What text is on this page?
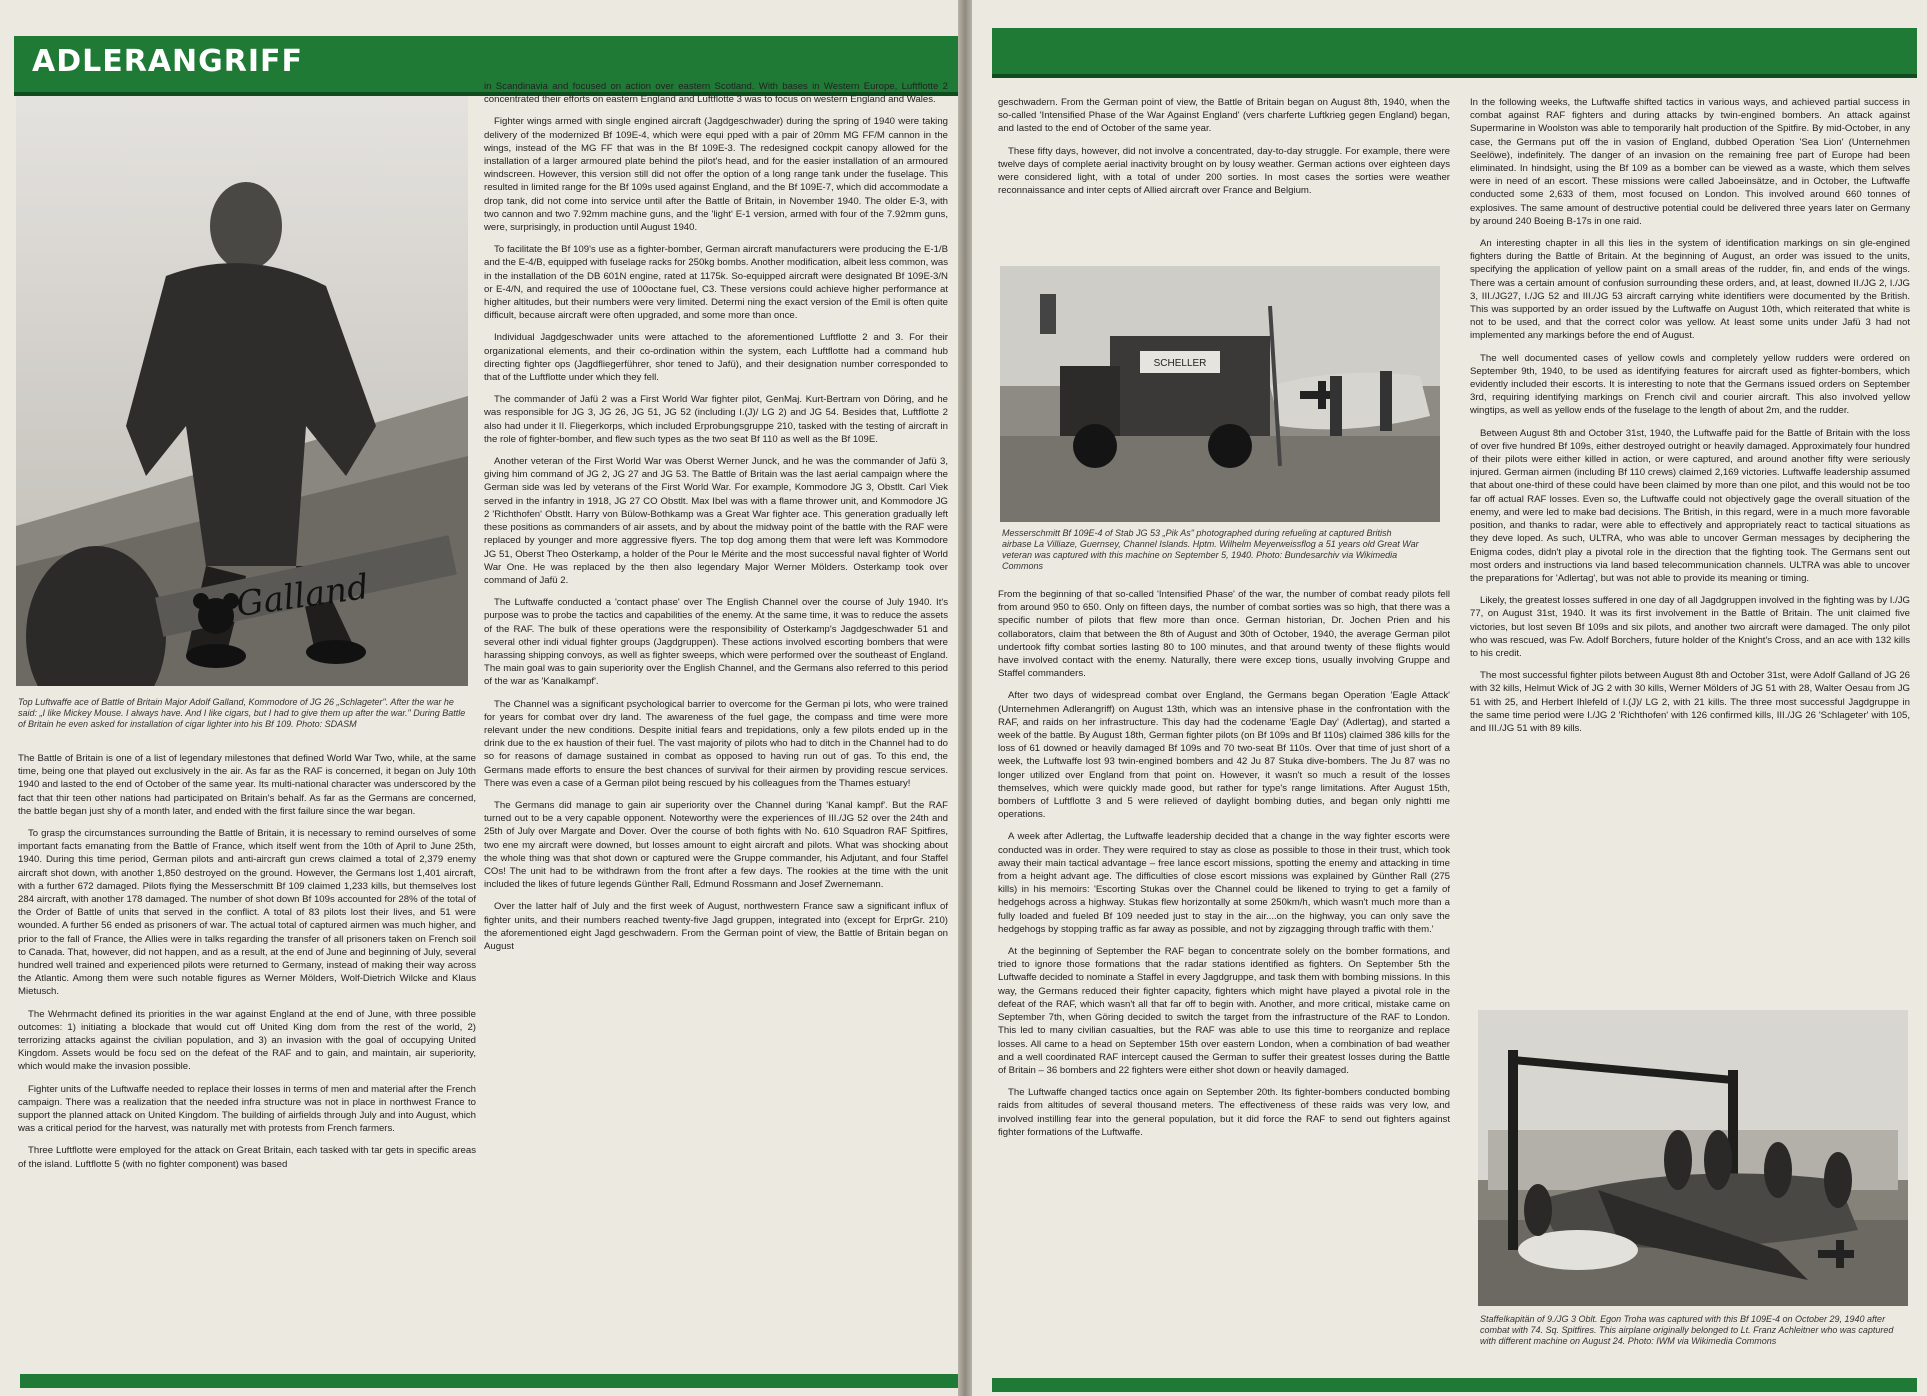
ADLERANGRIFF
Galland
Top Luftwaffe ace of Battle of Britain Major Adolf Galland, Kommodore of JG 26 „Schlageter". After the war he said: „I like Mickey Mouse. I always have. And I like cigars, but I had to give them up after the war." During Battle of Britain he even asked for installation of cigar lighter into his Bf 109. Photo: SDASM

The Battle of Britain is one of a list of legendary milestones that defined World War Two, while, at the same time, being one that played out exclusively in the air. As far as the RAF is concerned, it began on July 10th 1940 and lasted to the end of October of the same year. Its multi-national character was underscored by the fact that thir teen other nations had participated on Britain's behalf. As far as the Germans are concerned, the battle began just shy of a month later, and ended with the first failure since the war began.

To grasp the circumstances surrounding the Battle of Britain, it is necessary to remind ourselves of some important facts emanating from the Battle of France, which itself went from the 10th of April to June 25th, 1940. During this time period, German pilots and anti-aircraft gun crews claimed a total of 2,379 enemy aircraft shot down, with another 1,850 destroyed on the ground. However, the Germans lost 1,401 aircraft, with a further 672 damaged. Pilots flying the Messerschmitt Bf 109 claimed 1,233 kills, but themselves lost 284 aircraft, with another 178 damaged. The number of shot down Bf 109s accounted for 28% of the total of the Order of Battle of units that served in the conflict. A total of 83 pilots lost their lives, and 51 were wounded. A further 56 ended as prisoners of war. The actual total of captured airmen was much higher, and prior to the fall of France, the Allies were in talks regarding the transfer of all prisoners taken on French soil to Canada. That, however, did not happen, and as a result, at the end of June and beginning of July, several hundred well trained and experienced pilots were returned to Germany, instead of making their way across the Atlantic. Among them were such notable figures as Werner Mölders, Wolf-Dietrich Wilcke and Klaus Mietusch.

The Wehrmacht defined its priorities in the war against England at the end of June, with three possible outcomes: 1) initiating a blockade that would cut off United King dom from the rest of the world, 2) terrorizing attacks against the civilian population, and 3) an invasion with the goal of occupying United Kingdom. Assets would be focu sed on the defeat of the RAF and to gain, and maintain, air superiority, which would make the invasion possible.

Fighter units of the Luftwaffe needed to replace their losses in terms of men and material after the French campaign. There was a realization that the needed infra structure was not in place in northwest France to support the planned attack on United Kingdom. The building of airfields through July and into August, which was a critical period for the harvest, was naturally met with protests from French farmers.

Three Luftflotte were employed for the attack on Great Britain, each tasked with tar gets in specific areas of the island. Luftflotte 5 (with no fighter component) was based

in Scandinavia and focused on action over eastern Scotland. With bases in Western Europe, Luftflotte 2 concentrated their efforts on eastern England and Luftflotte 3 was to focus on western England and Wales.

Fighter wings armed with single engined aircraft (Jagdgeschwader) during the spring of 1940 were taking delivery of the modernized Bf 109E-4, which were equi pped with a pair of 20mm MG FF/M cannon in the wings, instead of the MG FF that was in the Bf 109E-3. The redesigned cockpit canopy allowed for the installation of a larger armoured plate behind the pilot's head, and for the easier installation of an armoured windscreen. However, this version still did not offer the option of a long range tank under the fuselage. This resulted in limited range for the Bf 109s used against England, and the Bf 109E-7, which did accommodate a drop tank, did not come into service until after the Battle of Britain, in November 1940. The older E-3, with two cannon and two 7.92mm machine guns, and the 'light' E-1 version, armed with four of the 7.92mm guns, were, surprisingly, in production until August 1940.

To facilitate the Bf 109's use as a fighter-bomber, German aircraft manufacturers were producing the E-1/B and the E-4/B, equipped with fuselage racks for 250kg bombs. Another modification, albeit less common, was in the installation of the DB 601N engine, rated at 1175k. So-equipped aircraft were designated Bf 109E-3/N or E-4/N, and required the use of 100octane fuel, C3. These versions could achieve higher performance at higher altitudes, but their numbers were very limited. Determi ning the exact version of the Emil is often quite difficult, because aircraft were often upgraded, and some more than once.

Individual Jagdgeschwader units were attached to the aforementioned Luftflotte 2 and 3. For their organizational elements, and their co-ordination within the system, each Luftflotte had a command hub directing fighter ops (Jagdfliegerführer, shor tened to Jafü), and their designation number corresponded to that of the Luftflotte under which they fell.

The commander of Jafü 2 was a First World War fighter pilot, GenMaj. Kurt-Bertram von Döring, and he was responsible for JG 3, JG 26, JG 51, JG 52 (including I.(J)/ LG 2) and JG 54. Besides that, Luftflotte 2 also had under it II. Fliegerkorps, which included Erprobungsgruppe 210, tasked with the testing of aircraft in the role of fighter-bomber, and flew such types as the two seat Bf 110 as well as the Bf 109E.

Another veteran of the First World War was Oberst Werner Junck, and he was the commander of Jafü 3, giving him command of JG 2, JG 27 and JG 53. The Battle of Britain was the last aerial campaign where the German side was led by veterans of the First World War. For example, Kommodore JG 3, Obstlt. Carl Viek served in the infantry in 1918, JG 27 CO Obstlt. Max Ibel was with a flame thrower unit, and Kommodore JG 2 'Richthofen' Obstlt. Harry von Bülow-Bothkamp was a Great War fighter ace. This generation gradually left these positions as commanders of air assets, and by about the midway point of the battle with the RAF were replaced by younger and more aggressive flyers. The top dog among them that were left was Kommodore JG 51, Oberst Theo Osterkamp, a holder of the Pour le Mérite and the most successful naval fighter of World War One. He was replaced by the then also legendary Major Werner Mölders. Osterkamp took over command of Jafü 2.

The Luftwaffe conducted a 'contact phase' over The English Channel over the course of July 1940. It's purpose was to probe the tactics and capabilities of the enemy. At the same time, it was to reduce the assets of the RAF. The bulk of these operations were the responsibility of Osterkamp's Jagdgeschwader 51 and several other indi vidual fighter groups (Jagdgruppen). These actions involved escorting bombers that were harassing shipping convoys, as well as fighter sweeps, which were performed over the southeast of England. The main goal was to gain superiority over the English Channel, and the Germans also referred to this period of the war as 'Kanalkampf'.

The Channel was a significant psychological barrier to overcome for the German pi lots, who were trained for years for combat over dry land. The awareness of the fuel gage, the compass and time were more relevant under the new conditions. Despite initial fears and trepidations, only a few pilots ended up in the drink due to the ex haustion of their fuel. The vast majority of pilots who had to ditch in the Channel had to do so for reasons of damage sustained in combat as opposed to having run out of gas. To this end, the Germans made efforts to ensure the best chances of survival for their airmen by providing rescue services. There was even a case of a German pilot being rescued by his colleagues from the Thames estuary!

The Germans did manage to gain air superiority over the Channel during 'Kanal kampf'. But the RAF turned out to be a very capable opponent. Noteworthy were the experiences of III./JG 52 over the 24th and 25th of July over Margate and Dover. Over the course of both fights with No. 610 Squadron RAF Spitfires, two ene my aircraft were downed, but losses amount to eight aircraft and pilots. What was shocking about the whole thing was that shot down or captured were the Gruppe commander, his Adjutant, and four Staffel COs! The unit had to be withdrawn from the front after a few days. The rookies at the time with the unit included the likes of future legends Günther Rall, Edmund Rossmann and Josef Zwernemann.

Over the latter half of July and the first week of August, northwestern France saw a significant influx of fighter units, and their numbers reached twenty-five Jagd gruppen, integrated into (except for ErprGr. 210) the aforementioned eight Jagd geschwadern. From the German point of view, the Battle of Britain began on August

geschwadern. From the German point of view, the Battle of Britain began on August 8th, 1940, when the so-called 'Intensified Phase of the War Against England' (vers charferte Luftkrieg gegen England) began, and lasted to the end of October of the same year.

These fifty days, however, did not involve a concentrated, day-to-day struggle. For example, there were twelve days of complete aerial inactivity brought on by lousy weather. German actions over eighteen days were considered light, with a total of under 200 sorties. In most cases the sorties were weather reconnaissance and inter cepts of Allied aircraft over France and Belgium.

SCHELLER
Messerschmitt Bf 109E-4 of Stab JG 53 „Pik As" photographed during refueling at captured British airbase La Villiaze, Guernsey, Channel Islands. Hptm. Wilhelm Meyerweissflog a 51 years old Great War veteran was captured with this machine on September 5, 1940. Photo: Bundesarchiv via Wikimedia Commons

From the beginning of that so-called 'Intensified Phase' of the war, the number of combat ready pilots fell from around 950 to 650. Only on fifteen days, the number of combat sorties was so high, that there was a specific number of pilots that flew more than once. German historian, Dr. Jochen Prien and his collaborators, claim that between the 8th of August and 30th of October, 1940, the average German pilot undertook fifty combat sorties lasting 80 to 100 minutes, and that around twenty of these flights would have involved contact with the enemy. Naturally, there were excep tions, usually involving Gruppe and Staffel commanders.

After two days of widespread combat over England, the Germans began Operation 'Eagle Attack' (Unternehmen Adlerangriff) on August 13th, which was an intensive phase in the confrontation with the RAF, and raids on her infrastructure. This day had the codename 'Eagle Day' (Adlertag), and started a week of the battle. By August 18th, German fighter pilots (on Bf 109s and Bf 110s) claimed 386 kills for the loss of 61 downed or heavily damaged Bf 109s and 70 two-seat Bf 110s. Over that time of just short of a week, the Luftwaffe lost 93 twin-engined bombers and 42 Ju 87 Stuka dive-bombers. The Ju 87 was no longer utilized over England from that point on. However, it wasn't so much a result of the losses themselves, which were quickly made good, but rather for type's range limitations. After August 15th, bombers of Luftflotte 3 and 5 were relieved of daylight bombing duties, and began only nightti me operations.

A week after Adlertag, the Luftwaffe leadership decided that a change in the way fighter escorts were conducted was in order. They were required to stay as close as possible to those in their trust, which took away their main tactical advantage – free lance escort missions, spotting the enemy and attacking in time from a height advant age. The difficulties of close escort missions was explained by Günther Rall (275 kills) in his memoirs: 'Escorting Stukas over the Channel could be likened to trying to get a family of hedgehogs across a highway. Stukas flew horizontally at some 250km/h, which wasn't much more than a fully loaded and fueled Bf 109 needed just to stay in the air....on the highway, you can only save the hedgehogs by stopping traffic as far away as possible, and not by zigzagging through traffic with them.'

At the beginning of September the RAF began to concentrate solely on the bomber formations, and tried to ignore those formations that the radar stations identified as fighters. On September 5th the Luftwaffe decided to nominate a Staffel in every Jagdgruppe, and task them with bombing missions. In this way, the Germans reduced their fighter capacity, fighters which might have played a pivotal role in the defeat of the RAF, which wasn't all that far off to begin with. Another, and more critical, mistake came on September 7th, when Göring decided to switch the target from the infrastructure of the RAF to London. This led to many civilian casualties, but the RAF was able to use this time to reorganize and replace losses. All came to a head on September 15th over eastern London, when a combination of bad weather and a well coordinated RAF intercept caused the German to suffer their greatest losses during the Battle of Britain – 36 bombers and 22 fighters were either shot down or heavily damaged.

The Luftwaffe changed tactics once again on September 20th. Its fighter-bombers conducted bombing raids from altitudes of several thousand meters. The effectiveness of these raids was very low, and involved instilling fear into the general population, but it did force the RAF to send out fighters against fighter formations of the Luftwaffe.

In the following weeks, the Luftwaffe shifted tactics in various ways, and achieved partial success in combat against RAF fighters and during attacks by twin-engined bombers. An attack against Supermarine in Woolston was able to temporarily halt production of the Spitfire. By mid-October, in any case, the Germans put off the in vasion of England, dubbed Operation 'Sea Lion' (Unternehmen Seelöwe), indefinitely. The danger of an invasion on the remaining free part of Europe had been eliminated. In hindsight, using the Bf 109 as a bomber can be viewed as a waste, which them selves were in need of an escort. These missions were called Jaboeinsätze, and in October, the Luftwaffe conducted some 2,633 of them, most focused on London. This involved around 660 tonnes of explosives. The same amount of destructive potential could be delivered three years later on Germany by around 240 Boeing B-17s in one raid.

An interesting chapter in all this lies in the system of identification markings on sin gle-engined fighters during the Battle of Britain. At the beginning of August, an order was issued to the units, specifying the application of yellow paint on a small areas of the rudder, fin, and ends of the wings. There was a certain amount of confusion surrounding these orders, and, at least, downed II./JG 2, I./JG 3, III./JG27, I./JG 52 and III./JG 53 aircraft carrying white identifiers were documented by the British. This was supported by an order issued by the Luftwaffe on August 10th, which reiterated that white is not to be used, and that the correct color was yellow. At least some units under Jafü 3 had not implemented any markings before the end of August.

The well documented cases of yellow cowls and completely yellow rudders were ordered on September 9th, 1940, to be used as identifying features for aircraft used as fighter-bombers, which evidently included their escorts. It is interesting to note that the Germans issued orders on September 3rd, requiring identifying markings on French civil and courier aircraft. This also involved yellow wingtips, as well as yellow ends of the fuselage to the length of about 2m, and the rudder.

Between August 8th and October 31st, 1940, the Luftwaffe paid for the Battle of Britain with the loss of over five hundred Bf 109s, either destroyed outright or heavily damaged. Approximately four hundred of their pilots were either killed in action, or were captured, and around another fifty were seriously injured. German airmen (including Bf 110 crews) claimed 2,169 victories. Luftwaffe leadership assumed that about one-third of these could have been claimed by more than one pilot, and this would not be too far off actual RAF losses. Even so, the Luftwaffe could not objectively gage the overall situation of the enemy, and were led to make bad decisions. The British, in this regard, were in a much more favorable position, and thanks to radar, were able to effectively and appropriately react to tactical situations as they deve loped. As such, ULTRA, who was able to uncover German messages by deciphering the Enigma codes, didn't play a pivotal role in the direction that the fighting took. The Germans sent out most orders and instructions via land based telecommunication channels. ULTRA was able to uncover the preparations for 'Adlertag', but was not able to provide its meaning or timing.

Likely, the greatest losses suffered in one day of all Jagdgruppen involved in the fighting was by I./JG 77, on August 31st, 1940. It was its first involvement in the Battle of Britain. The unit claimed five victories, but lost seven Bf 109s and six pilots, and another two aircraft were damaged. The only pilot who was rescued, was Fw. Adolf Borchers, future holder of the Knight's Cross, and an ace with 132 kills to his credit.

The most successful fighter pilots between August 8th and October 31st, were Adolf Galland of JG 26 with 32 kills, Helmut Wick of JG 2 with 30 kills, Werner Mölders of JG 51 with 28, Walter Oesau from JG 51 with 25, and Herbert Ihlefeld of I.(J)/ LG 2, with 21 kills. The three most successful Jagdgruppe in the same time period were I./JG 2 'Richthofen' with 126 confirmed kills, III./JG 26 'Schlageter' with 105, and III./JG 51 with 89 kills.

Staffelkapitän of 9./JG 3 Oblt. Egon Troha was captured with this Bf 109E-4 on October 29, 1940 after combat with 74. Sq. Spitfires. This airplane originally belonged to Lt. Franz Achleitner who was captured with different machine on August 24. Photo: IWM via Wikimedia Commons
